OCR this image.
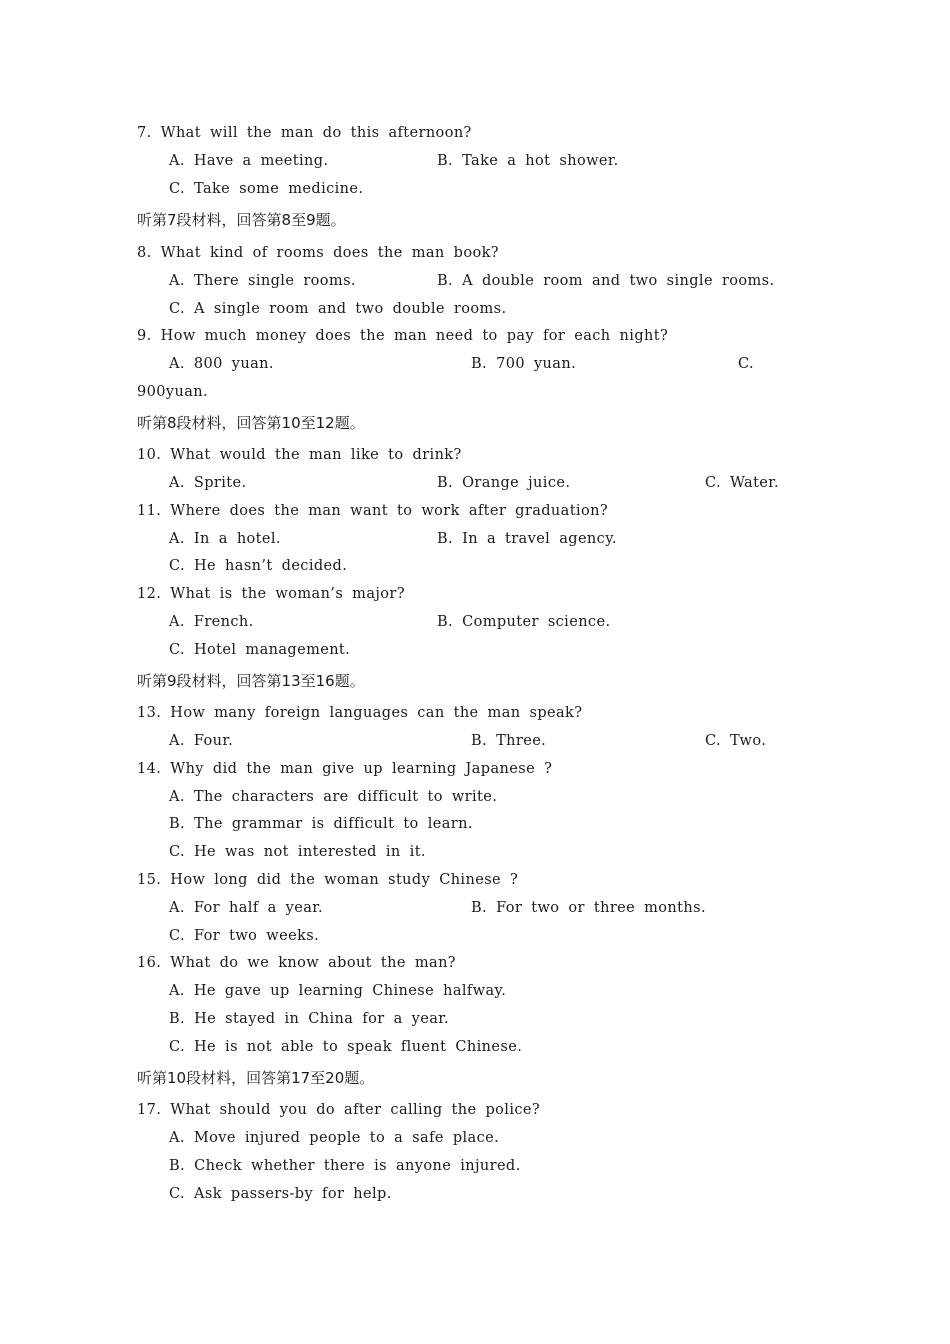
7. What will the man do this afternoon?
A. Have a meeting.	B. Take a hot shower.
C. Take some medicine.
听第7段材料，回答第8至9题。
8. What kind of rooms does the man book?
A. There single rooms.	B. A double room and two single rooms.
C. A single room and two double rooms.
9. How much money does the man need to pay for each night?
A. 800 yuan.	B. 700 yuan.	C.
900yuan.
听第8段材料，回答第10至12题。
10. What would the man like to drink?
A. Sprite.	B. Orange juice.	C. Water.
11. Where does the man want to work after graduation?
A. In a hotel.	B. In a travel agency.
C. He hasn’t decided.
12. What is the woman’s major?
A. French.	B. Computer science.
C. Hotel management.
听第9段材料，回答第13至16题。
13. How many foreign languages can the man speak?
A. Four.	B. Three.	C. Two.
14. Why did the man give up learning Japanese ?
A. The characters are difficult to write.
B. The grammar is difficult to learn.
C. He was not interested in it.
15. How long did the woman study Chinese ?
A. For half a year.	B. For two or three months.
C. For two weeks.
16. What do we know about the man?
A. He gave up learning Chinese halfway.
B. He stayed in China for a year.
C. He is not able to speak fluent Chinese.
听第10段材料，回答第17至20题。
17. What should you do after calling the police?
A. Move injured people to a safe place.
B. Check whether there is anyone injured.
C. Ask passers-by for help.
